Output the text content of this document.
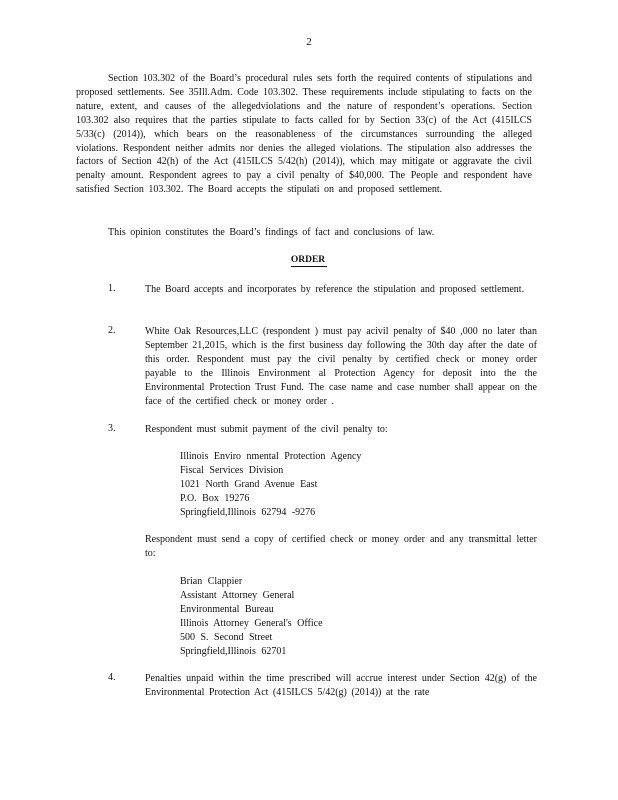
2
Section 103.302 of the Board’s procedural rules sets forth the required contents of stipulations and proposed settlements. See 35Ill.Adm. Code 103.302. These requirements include stipulating to facts on the nature, extent, and causes of the allegedviolations and the nature of respondent’s operations. Section 103.302 also requires that the parties stipulate to facts called for by Section 33(c) of the Act (415ILCS 5/33(c) (2014)), which bears on the reasonableness of the circumstances surrounding the alleged violations. Respondent neither admits nor denies the alleged violations. The stipulation also addresses the factors of Section 42(h) of the Act (415ILCS 5/42(h) (2014)), which may mitigate or aggravate the civil penalty amount. Respondent agrees to pay a civil penalty of $40,000. The People and respondent have satisfied Section 103.302. The Board accepts the stipulati on and proposed settlement.
This opinion constitutes the Board’s findings of fact and conclusions of law.
ORDER
1.	The Board accepts and incorporates by reference the stipulation and proposed settlement.
2.	White Oak Resources,LLC (respondent ) must pay acivil penalty of $40 ,000 no later than September 21,2015, which is the first business day following the 30th day after the date of this order. Respondent must pay the civil penalty by certified check or money order payable to the Illinois Environment al Protection Agency for deposit into the the Environmental Protection Trust Fund. The case name and case number shall appear on the face of the certified check or money order .
3.	Respondent must submit payment of the civil penalty to:
Illinois Enviro nmental Protection Agency
Fiscal Services Division
1021 North Grand Avenue East
P.O. Box 19276
Springfield,Illinois 62794 -9276
Respondent must send a copy of certified check or money order and any transmittal letter to:
Brian Clappier
Assistant Attorney General
Environmental Bureau
Illinois Attorney General's Office
500 S. Second Street
Springfield,Illinois 62701
4.	Penalties unpaid within the time prescribed will accrue interest under Section 42(g) of the Environmental Protection Act (415ILCS 5/42(g) (2014)) at the rate
